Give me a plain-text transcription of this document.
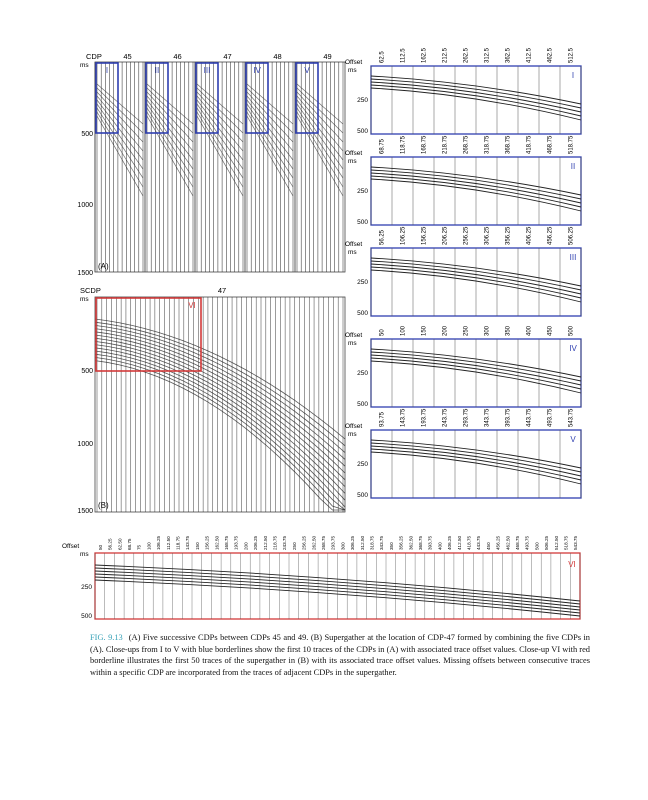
CDP
ms
45
I
46
II
47
III
48
IV
49
V
500
1000
1500
(A)
SCDP
ms
47
VI
500
1000
1500
(B)
Offset
ms
62.5	112.5	162.5	212.5	262.5	312.5	362.5	412.5	462.5	512.5
250
500
I
Offset
ms
68.75	118.75	168.75	218.75	268.75	318.75	368.75	418.75	468.75	518.75
250
500
II
Offset
ms
56.25	106.25	156.25	206.25	256.25	306.25	356.25	406.25	456.25	506.25
250
500
III
Offset
ms
50	100	150	200	250	300	350	400	450	500
250
500
IV
Offset
ms
93.75	143.75	193.75	243.75	293.75	343.75	393.75	443.75	493.75	543.75
250
500
V
Offset
ms
50 56.25 62.50 68.75 75 100 106.25 112.50 118.75 143.75 150 156.25 162.50 168.75 193.75 200 206.25 212.50 218.75 243.75 250 256.25 262.50 268.75 293.75 300 306.25 312.50 318.75 343.75 350 356.25 362.50 368.75 393.75 400 406.25 412.50 418.75 443.75 450 456.25 462.50 468.75 493.75 500 506.25 512.50 518.75 543.75
250
500
VI
FIG. 9.13 (A) Five successive CDPs between CDPs 45 and 49. (B) Supergather at the location of CDP-47 formed by combining the five CDPs in (A). Close-ups from I to V with blue borderlines show the first 10 traces of the CDPs in (A) with associated trace offset values. Close-up VI with red borderline illustrates the first 50 traces of the supergather in (B) with its associated trace offset values. Missing offsets between consecutive traces within a specific CDP are incorporated from the traces of adjacent CDPs in the supergather.
